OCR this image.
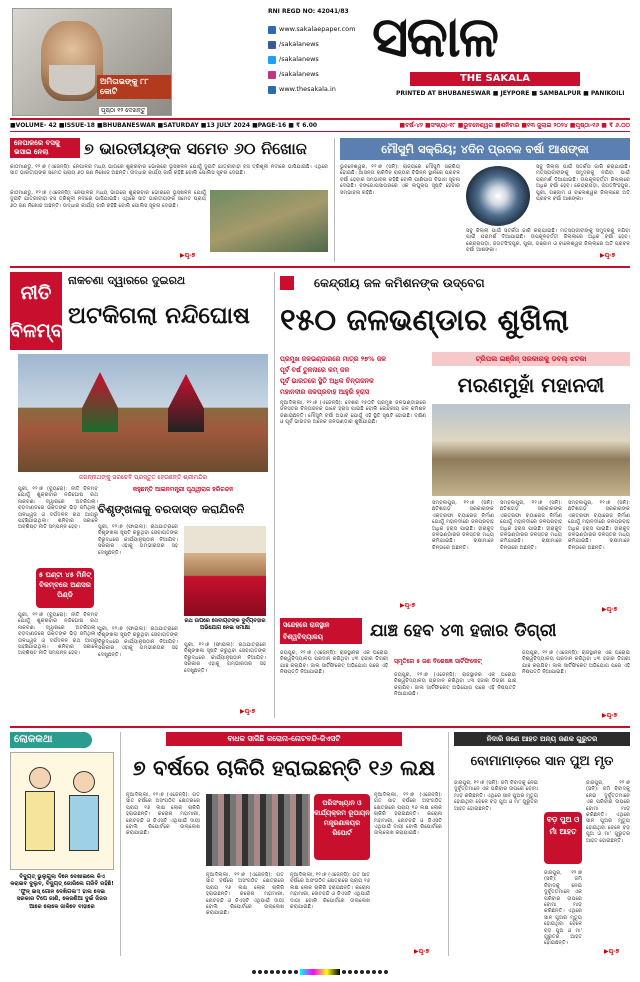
ଅମିତାଭଙ୍କୁ ୮୮ କୋଟି
ପୃଷ୍ଠା ୧୨ ଦେଖନ୍ତୁ
RNI REGD NO: 42041/83
www.sakalaepaper.com
/sakalanews
/sakalanews
/sakalanews
www.thesakala.in
ସକାଳ
THE SAKALA
PRINTED AT BHUBANESWAR ■ JEYPORE ■ SAMBALPUR ■ PANIKOILI
■VOLUME- 42 ■ISSUE-18 ■BHUBANESWAR ■SATURDAY ■13 JULY 2024 ■PAGE-16 ■ ₹ 6.00	■ବର୍ଷ-୪୨ ■ସଂଖ୍ୟା-୧୮ ■ଭୁବନେଶ୍ୱର ■ଶନିବାର ■୧୩ ଜୁଲାଇ ୨୦୨୪ ■ପୃଷ୍ଠା-୧୬ ■ ₹ ୬.୦୦
ନେପାଳରେ ବସକୁ ଭସାଇ ନେଲା	୭ ଭାରତୀୟଙ୍କ ସମେତ ୬୦ ନିଖୋଜ
କାଠମାଣ୍ଡୁ, ୧୨।୭ (ଏଜେନ୍ସି): ନେପାଳର ମଧ୍ୟ ଭାଗରେ ଶୁକ୍ରବାର ଭୋରରେ ଭୂସ୍ଖଳନ ଯୋଗୁଁ ଦୁଇଟି ଯାତ୍ରୀବାହୀ ବସ ତ୍ରିଶୂଳୀ ନଦୀରେ ଭାସିଯାଇଛି। ଏଥିରେ ସାତ ଭାରତୀୟଙ୍କ ସମେତ ପ୍ରାୟ ୬୦ ଜଣ ନିଖୋଜ ଅଛନ୍ତି। ଉଦ୍ଧାର କାର୍ଯ୍ୟ ଜାରି ରହିଛି ବୋଲି ପୋଲିସ ସୂଚନା ଦେଇଛି।
କାଠମାଣ୍ଡୁ, ୧୨।୭ (ଏଜେନ୍ସି): ନେପାଳର ମଧ୍ୟ ଭାଗରେ ଶୁକ୍ରବାର ଭୋରରେ ଭୂସ୍ଖଳନ ଯୋଗୁଁ ଦୁଇଟି ଯାତ୍ରୀବାହୀ ବସ ତ୍ରିଶୂଳୀ ନଦୀରେ ଭାସିଯାଇଛି। ଏଥିରେ ସାତ ଭାରତୀୟଙ୍କ ସମେତ ପ୍ରାୟ ୬୦ ଜଣ ନିଖୋଜ ଅଛନ୍ତି। ଉଦ୍ଧାର କାର୍ଯ୍ୟ ଜାରି ରହିଛି ବୋଲି ପୋଲିସ ସୂଚନା ଦେଇଛି।
▶ପୃ-୭
ମୌସୁମି ସକ୍ରିୟ; ୪ଦିନ ପ୍ରବଳ ବର୍ଷା ଆଶଙ୍କା
ଭୁବନେଶ୍ୱର, ୧୨।୭ (ସନି): ରାଜ୍ୟରେ ମୌସୁମି ସକ୍ରିୟ ହୋଇଛି। ଆସନ୍ତା ଚାରିଦିନ ରାଜ୍ୟର ବିଭିନ୍ନ ସ୍ଥାନରେ ପ୍ରବଳ ବର୍ଷା ହେବାର ସମ୍ଭାବନା ରହିଛି ବୋଲି ପାଣିପାଗ ବିଭାଗ ସୂଚନା ଦେଇଛି। ବଙ୍ଗୋପସାଗରରେ ଏକ ଲଘୁଚାପ ସୃଷ୍ଟି ହେବାର ସମ୍ଭାବନା ରହିଛି।
ସବୁ ଜିଲ୍ଲା ପାଇଁ ସତର୍କତା ଜାରି କରାଯାଇଛି। ମତ୍ସ୍ୟଜୀବୀଙ୍କୁ ସମୁଦ୍ରକୁ ନଯିବା ପାଇଁ ପରାମର୍ଶ ଦିଆଯାଇଛି। ଉପକୂଳବର୍ତ୍ତୀ ଜିଲ୍ଲାରେ ଅଧିକ ବର୍ଷା ହେବ। କେନ୍ଦ୍ରାପଡ଼ା, ଜଗତସିଂହପୁର, ପୁରୀ, ଗଞ୍ଜାମ ଓ ବାଲେଶ୍ୱର ଜିଲ୍ଲାରେ ଅତି ପ୍ରବଳ ବର୍ଷା ଆଶଙ୍କା।
ସବୁ ଜିଲ୍ଲା ପାଇଁ ସତର୍କତା ଜାରି କରାଯାଇଛି। ମତ୍ସ୍ୟଜୀବୀଙ୍କୁ ସମୁଦ୍ରକୁ ନଯିବା ପାଇଁ ପରାମର୍ଶ ଦିଆଯାଇଛି। ଉପକୂଳବର୍ତ୍ତୀ ଜିଲ୍ଲାରେ ଅଧିକ ବର୍ଷା ହେବ। କେନ୍ଦ୍ରାପଡ଼ା, ଜଗତସିଂହପୁର, ପୁରୀ, ଗଞ୍ଜାମ ଓ ବାଲେଶ୍ୱର ଜିଲ୍ଲାରେ ଅତି ପ୍ରବଳ ବର୍ଷା ଆଶଙ୍କା।
▶ପୃ-୭
ନୀତି ବିଳମ୍ବ
ନାକଚଣା ଦ୍ୱାରରେ ଦୁଇରଥ
ଅଟକିଗଲା ନନ୍ଦିଘୋଷ
ଜଗନ୍ନାଥଙ୍କୁ ସରଚେବି ପ୍ରସ୍ତୁତ ହେଉଛନ୍ତି ଶ୍ରୀମନ୍ଦିର
ପୁରୀ, ୧୨।୭ (ବ୍ୟୁରୋ): ନୀତି ବିଳମ୍ବ ଯୋଗୁଁ ଶୁକ୍ରବାର ନନ୍ଦିଘୋଷ ରଥ ନାକଚଣା ଦ୍ୱାରରେ ଅଟକିଗଲା। ବଡ଼ଦାଣ୍ଡରେ ଭକ୍ତଙ୍କ ଭିଡ଼ ଜମିଥିଲା। ତାଳଧ୍ୱଜ ଓ ଦର୍ପଦଳନ ରଥ ଆଗରୁ ପହଞ୍ଚିଯାଇଥିଲା। ଶନିବାର ସକାଳେ ଅବଶିଷ୍ଟ ନୀତି ସମ୍ପନ୍ନ ହେବ।
୫ ଘଣ୍ଟା ୪୫ ମିନିଟ୍ ବିଳମ୍ବରେ ଅଣସର ପିଣ୍ଡି
ପୁରୀ, ୧୨।୭ (ବ୍ୟୁରୋ): ନୀତି ବିଳମ୍ବ ଯୋଗୁଁ ଶୁକ୍ରବାର ନନ୍ଦିଘୋଷ ରଥ ନାକଚଣା ଦ୍ୱାରରେ ଅଟକିଗଲା। ବଡ଼ଦାଣ୍ଡରେ ଭକ୍ତଙ୍କ ଭିଡ଼ ଜମିଥିଲା। ତାଳଧ୍ୱଜ ଓ ଦର୍ପଦଳନ ରଥ ଆଗରୁ ପହଞ୍ଚିଯାଇଥିଲା। ଶନିବାର ସକାଳେ ଅବଶିଷ୍ଟ ନୀତି ସମ୍ପନ୍ନ ହେବ।
କହୁଛନ୍ତି ଆଇନମନ୍ତ୍ରୀ ପୃଥ୍ୱୀରାଜ ହରିଚନ୍ଦନ
ବିଶୃଙ୍ଖଳାକୁ ବରଦାସ୍ତ କରାଯିବନି
ପୁରୀ, ୧୨।୭ (ଫାଇଲ): ରଥଯାତ୍ରାରେ ବିଶୃଙ୍ଖଳା ସୃଷ୍ଟି କରୁଥିବା ସେବାୟତଙ୍କ ବିରୁଦ୍ଧରେ କାର୍ଯ୍ୟାନୁଷ୍ଠାନ ନିଆଯିବ। ସରକାର ଏହାକୁ ଗମ୍ଭୀରତାର ସହ ଦେଖୁଛନ୍ତି।
ରଥ ଉପରେ ସେବାୟତଙ୍କ ଦୁର୍ବ୍ୟବହାର ଅଭିଯୋଗ ନେଇ ସମୀକ୍ଷା
ପୁରୀ, ୧୨।୭ (ଫାଇଲ): ରଥଯାତ୍ରାରେ ବିଶୃଙ୍ଖଳା ସୃଷ୍ଟି କରୁଥିବା ସେବାୟତଙ୍କ ବିରୁଦ୍ଧରେ କାର୍ଯ୍ୟାନୁଷ୍ଠାନ ନିଆଯିବ। ସରକାର ଏହାକୁ ଗମ୍ଭୀରତାର ସହ ଦେଖୁଛନ୍ତି।
ପୁରୀ, ୧୨।୭ (ଫାଇଲ): ରଥଯାତ୍ରାରେ ବିଶୃଙ୍ଖଳା ସୃଷ୍ଟି କରୁଥିବା ସେବାୟତଙ୍କ ବିରୁଦ୍ଧରେ କାର୍ଯ୍ୟାନୁଷ୍ଠାନ ନିଆଯିବ। ସରକାର ଏହାକୁ ଗମ୍ଭୀରତାର ସହ ଦେଖୁଛନ୍ତି।
▶ପୃ-୭
କେନ୍ଦ୍ରୀୟ ଜଳ କମିଶନଙ୍କ ଉଦ୍‌ବେଗ
୧୫୦ ଜଳଭଣ୍ଡାର ଶୁଖିଲା
ପ୍ରମୁଖ ଜଳଭଣ୍ଡାରରେ ମାତ୍ର ୨୭% ଜଳ
ପୂର୍ବ ବର୍ଷ ତୁଳନାରେ କମ୍ ଜଳ
ପୂର୍ବ ଭାରତରେ ସ୍ଥିତି ଅଧିକ ଚିନ୍ତାଜନକ
ମହାନଦୀର ଜଳପ୍ରବାହ ଆହୁରି ହ୍ରାସ
ନୂଆଦିଲ୍ଲୀ, ୧୨।୭ (ଏଜେନ୍ସି): ଦେଶର ୧୫୦ଟି ପ୍ରମୁଖ ଜଳଭଣ୍ଡାରରେ ଜଳସ୍ତର ଚିନ୍ତାଜନକ ଭାବେ ହ୍ରାସ ପାଇଛି ବୋଲି କେନ୍ଦ୍ରୀୟ ଜଳ କମିଶନ ଜଣାଇଛନ୍ତି। ମୌସୁମି ବର୍ଷା ଅଭାବ ଯୋଗୁଁ ଏହି ସ୍ଥିତି ସୃଷ୍ଟି ହୋଇଛି। ଦକ୍ଷିଣ ଓ ପୂର୍ବ ଭାରତର ଅନେକ ଜଳଭଣ୍ଡାର ଶୁଖିଯାଇଛି।
▶ପୃ-୭
ଟ୍ରିପଲ ଇଞ୍ଜିନ୍ ସରକାରକୁ ଡବଲ୍ ଝଟକା
ମରଣମୁହାଁ ମହାନଦୀ
ସମ୍ବଲପୁର, ୧୨।୭ (ସନି): ଛତିଶଗଡ଼ ସରକାରଙ୍କ ଏକତରଫା ବ୍ୟାରେଜ ନିର୍ମାଣ ଯୋଗୁଁ ମହାନଦୀରେ ଜଳପ୍ରବାହ ଅଧିକ ହ୍ରାସ ପାଇଛି। ହୀରାକୁଦ ଜଳଭଣ୍ଡାରର ଜଳସ୍ତର ମଧ୍ୟ କମିଯାଇଛି। ଚାଷୀମାନେ ଚିନ୍ତାରେ ଅଛନ୍ତି।
ସମ୍ବଲପୁର, ୧୨।୭ (ସନି): ଛତିଶଗଡ଼ ସରକାରଙ୍କ ଏକତରଫା ବ୍ୟାରେଜ ନିର୍ମାଣ ଯୋଗୁଁ ମହାନଦୀରେ ଜଳପ୍ରବାହ ଅଧିକ ହ୍ରାସ ପାଇଛି। ହୀରାକୁଦ ଜଳଭଣ୍ଡାରର ଜଳସ୍ତର ମଧ୍ୟ କମିଯାଇଛି। ଚାଷୀମାନେ ଚିନ୍ତାରେ ଅଛନ୍ତି।
ସମ୍ବଲପୁର, ୧୨।୭ (ସନି): ଛତିଶଗଡ଼ ସରକାରଙ୍କ ଏକତରଫା ବ୍ୟାରେଜ ନିର୍ମାଣ ଯୋଗୁଁ ମହାନଦୀରେ ଜଳପ୍ରବାହ ଅଧିକ ହ୍ରାସ ପାଇଛି। ହୀରାକୁଦ ଜଳଭଣ୍ଡାରର ଜଳସ୍ତର ମଧ୍ୟ କମିଯାଇଛି। ଚାଷୀମାନେ ଚିନ୍ତାରେ ଅଛନ୍ତି।
▶ପୃ-୭
ସନ୍ଦେହରେ ରାଜସ୍ଥାନ ବିଶ୍ୱବିଦ୍ୟାଳୟ	ଯାଞ୍ଚ ହେବ ୪୩ ହଜାର ଡିଗ୍ରୀ
ଜୟପୁର, ୧୨।୭ (ଏଜେନ୍ସି): ରାଜସ୍ଥାନର ଏକ ଘରୋଇ ବିଶ୍ୱବିଦ୍ୟାଳୟ ପ୍ରଦାନ କରିଥିବା ୪୩ ହଜାର ଡିଗ୍ରୀ ଯାଞ୍ଚ କରାଯିବ। ଜାଲ ସାର୍ଟିଫିକେଟ୍ ଅଭିଯୋଗ ପରେ ଏହି ନିଷ୍ପତ୍ତି ନିଆଯାଇଛି।
ସ୍ମୃତିରେ ୫ ଜଣ ବିଶେଷଜ୍ଞ ସାର୍ଟିଫିକେଟ୍
ଜୟପୁର, ୧୨।୭ (ଏଜେନ୍ସି): ରାଜସ୍ଥାନର ଏକ ଘରୋଇ ବିଶ୍ୱବିଦ୍ୟାଳୟ ପ୍ରଦାନ କରିଥିବା ୪୩ ହଜାର ଡିଗ୍ରୀ ଯାଞ୍ଚ କରାଯିବ। ଜାଲ ସାର୍ଟିଫିକେଟ୍ ଅଭିଯୋଗ ପରେ ଏହି ନିଷ୍ପତ୍ତି ନିଆଯାଇଛି।
ଜୟପୁର, ୧୨।୭ (ଏଜେନ୍ସି): ରାଜସ୍ଥାନର ଏକ ଘରୋଇ ବିଶ୍ୱବିଦ୍ୟାଳୟ ପ୍ରଦାନ କରିଥିବା ୪୩ ହଜାର ଡିଗ୍ରୀ ଯାଞ୍ଚ କରାଯିବ। ଜାଲ ସାର୍ଟିଫିକେଟ୍ ଅଭିଯୋଗ ପରେ ଏହି ନିଷ୍ପତ୍ତି ନିଆଯାଇଛି।
▶ପୃ-୭
ଲୋକକଥା
ବିଦ୍ୟୁତ୍ ଭୁଲୁଗୁଲା ଦିନେ ଦେଖାଇଲେ କିଏ କରାଇବ ଦୁଲୁବ, ବିଦ୍ୟୁତ୍ ଜୋରିଲେ ଗରିବି ରହିଛି! 'ଫୁନ୍ ଇସ୍ ଗୋନ ଦେଖିଗଲ'! ହାଲ ଦେଇ ସରକାର ଟିପେ ଜାଣି, କେଜଣିଆ ଦୁଇଁ ଜିଜର ଆରେ ଲୋକେ ଜାଳିବେ ବାହାରେ
ବାଧକ ସାଜିଛି କରୋନା-ନୋଟବନ୍ଦି-ଜିଏସଟି
୭ ବର୍ଷରେ ଚାକିରି ହରାଇଛନ୍ତି ୧୬ ଲକ୍ଷ
ନୂଆଦିଲ୍ଲୀ, ୧୨।୭ (ଏଜେନ୍ସି): ଗତ ସାତ ବର୍ଷରେ ଅସଂଗଠିତ କ୍ଷେତ୍ରରେ ପ୍ରାୟ ୧୬ ଲକ୍ଷ ଲୋକ ଚାକିରି ହରାଇଛନ୍ତି। କରୋନା ମହାମାରୀ, ନୋଟବନ୍ଦି ଓ ଜିଏସଟି ଏଥିପାଇଁ ଦାୟୀ ବୋଲି ରିପୋର୍ଟରେ ଉଲ୍ଲେଖ କରାଯାଇଛି।
ପରିସଂଖ୍ୟାନ ଓ କାର୍ଯ୍ୟକ୍ରମ ରୂପାୟନ ମନ୍ତ୍ରଣାଳୟର ରିପୋର୍ଟ
ନୂଆଦିଲ୍ଲୀ, ୧୨।୭ (ଏଜେନ୍ସି): ଗତ ସାତ ବର୍ଷରେ ଅସଂଗଠିତ କ୍ଷେତ୍ରରେ ପ୍ରାୟ ୧୬ ଲକ୍ଷ ଲୋକ ଚାକିରି ହରାଇଛନ୍ତି। କରୋନା ମହାମାରୀ, ନୋଟବନ୍ଦି ଓ ଜିଏସଟି ଏଥିପାଇଁ ଦାୟୀ ବୋଲି ରିପୋର୍ଟରେ ଉଲ୍ଲେଖ କରାଯାଇଛି।
ନୂଆଦିଲ୍ଲୀ, ୧୨।୭ (ଏଜେନ୍ସି): ଗତ ସାତ ବର୍ଷରେ ଅସଂଗଠିତ କ୍ଷେତ୍ରରେ ପ୍ରାୟ ୧୬ ଲକ୍ଷ ଲୋକ ଚାକିରି ହରାଇଛନ୍ତି। କରୋନା ମହାମାରୀ, ନୋଟବନ୍ଦି ଓ ଜିଏସଟି ଏଥିପାଇଁ ଦାୟୀ ବୋଲି ରିପୋର୍ଟରେ ଉଲ୍ଲେଖ କରାଯାଇଛି।
ନୂଆଦିଲ୍ଲୀ, ୧୨।୭ (ଏଜେନ୍ସି): ଗତ ସାତ ବର୍ଷରେ ଅସଂଗଠିତ କ୍ଷେତ୍ରରେ ପ୍ରାୟ ୧୬ ଲକ୍ଷ ଲୋକ ଚାକିରି ହରାଇଛନ୍ତି। କରୋନା ମହାମାରୀ, ନୋଟବନ୍ଦି ଓ ଜିଏସଟି ଏଥିପାଇଁ ଦାୟୀ ବୋଲି ରିପୋର୍ଟରେ ଉଲ୍ଲେଖ କରାଯାଇଛି।
▶ପୃ-୭
ନିଦାରି ଜଣେ ଆହତ ଅନ୍ୟ ଜଣକ ଗୁରୁତର
ବୋମାମାଡ଼ରେ ସାନ ପୁଅ ମୃତ
ଜାଜପୁର, ୧୨।୭ (ସନି): ଜମି ବିବାଦକୁ ନେଇ ଦୁର୍ବୃତ୍ତମାନେ ଏକ ପରିବାର ଉପରେ ବୋମା ମାଡ଼ କରିଛନ୍ତି। ଏଥିରେ ସାନ ପୁଅର ମୃତ୍ୟୁ ହୋଇଥିବା ବେଳେ ବଡ଼ ପୁଅ ଓ ମା' ଗୁରୁତର ଆହତ ହୋଇଛନ୍ତି।
ବଡ଼ ପୁଅ ଓ ମାଁ ଆହତ
ଜାଜପୁର, ୧୨।୭ (ସନି): ଜମି ବିବାଦକୁ ନେଇ ଦୁର୍ବୃତ୍ତମାନେ ଏକ ପରିବାର ଉପରେ ବୋମା ମାଡ଼ କରିଛନ୍ତି। ଏଥିରେ ସାନ ପୁଅର ମୃତ୍ୟୁ ହୋଇଥିବା ବେଳେ ବଡ଼ ପୁଅ ଓ ମା' ଗୁରୁତର ଆହତ ହୋଇଛନ୍ତି।
ଜାଜପୁର, ୧୨।୭ (ସନି): ଜମି ବିବାଦକୁ ନେଇ ଦୁର୍ବୃତ୍ତମାନେ ଏକ ପରିବାର ଉପରେ ବୋମା ମାଡ଼ କରିଛନ୍ତି। ଏଥିରେ ସାନ ପୁଅର ମୃତ୍ୟୁ ହୋଇଥିବା ବେଳେ ବଡ଼ ପୁଅ ଓ ମା' ଗୁରୁତର ଆହତ ହୋଇଛନ୍ତି।
▶ପୃ-୭
